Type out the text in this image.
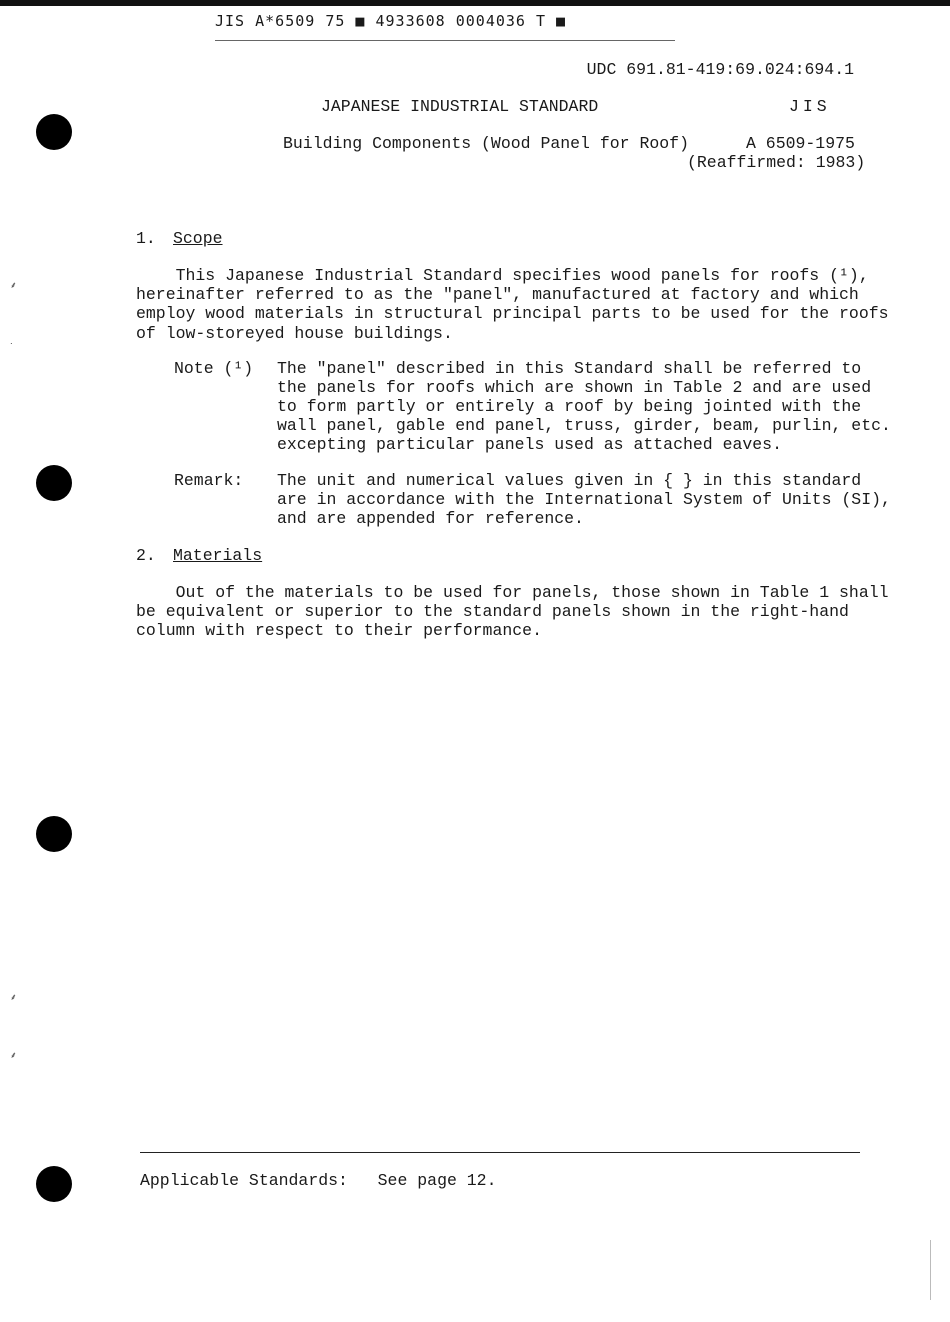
JIS A*6509 75 ■ 4933608 0004036 T ■
⸙
ᐧ
⸙
⸙
UDC 691.81-419:69.024:694.1
JAPANESE INDUSTRIAL STANDARD	JIS
Building Components (Wood Panel for Roof)	A 6509-1975
(Reaffirmed: 1983)
1. Scope
This Japanese Industrial Standard specifies wood panels for roofs (¹),
hereinafter referred to as the "panel", manufactured at factory and which
employ wood materials in structural principal parts to be used for the roofs
of low-storeyed house buildings.
Note (¹) The "panel" described in this Standard shall be referred to
the panels for roofs which are shown in Table 2 and are used
to form partly or entirely a roof by being jointed with the
wall panel, gable end panel, truss, girder, beam, purlin, etc.
excepting particular panels used as attached eaves.
Remark: The unit and numerical values given in { } in this standard
are in accordance with the International System of Units (SI),
and are appended for reference.
2. Materials
Out of the materials to be used for panels, those shown in Table 1 shall
be equivalent or superior to the standard panels shown in the right-hand
column with respect to their performance.
Applicable Standards: See page 12.
